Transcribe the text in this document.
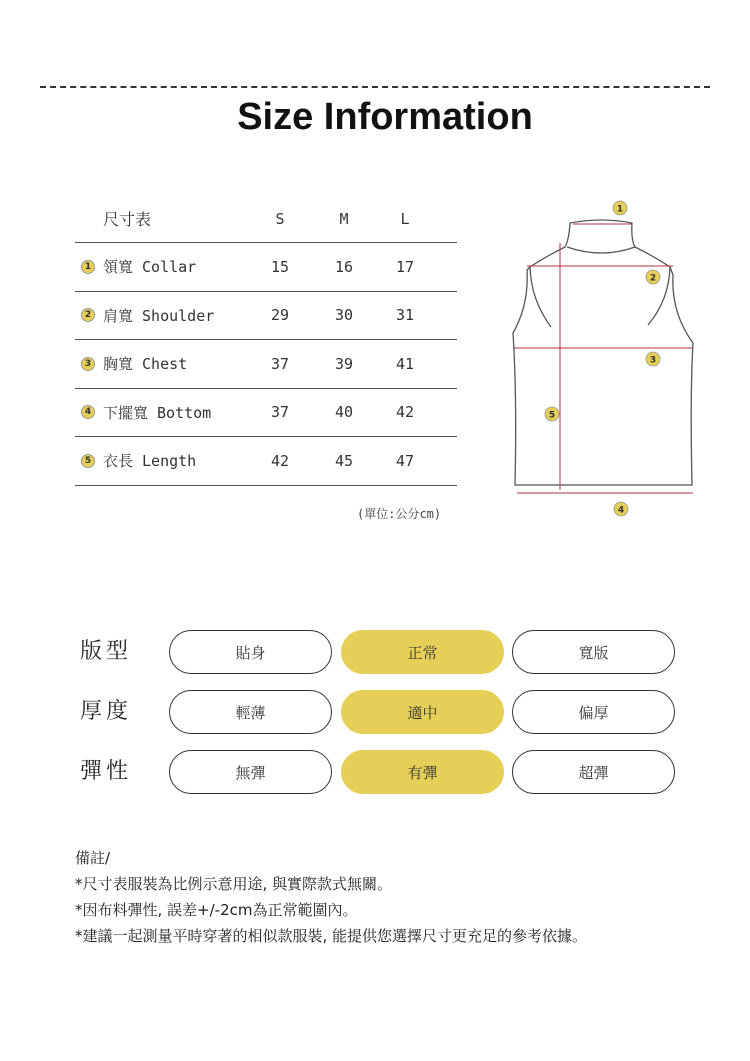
Size Information
尺寸表	S	M	L
1 領寬 Collar	15	16	17
2 肩寬 Shoulder	29	30	31
3 胸寬 Chest	37	39	41
4 下擺寬 Bottom	37	40	42
5 衣長 Length	42	45	47
(單位:公分cm)
1
2
3
4
5
版型	貼身	正常	寬版
厚度	輕薄	適中	偏厚
彈性	無彈	有彈	超彈
備註/
*尺寸表服裝為比例示意用途, 與實際款式無關。
*因布料彈性, 誤差+/-2cm為正常範圍內。
*建議一起測量平時穿著的相似款服裝, 能提供您選擇尺寸更充足的參考依據。
